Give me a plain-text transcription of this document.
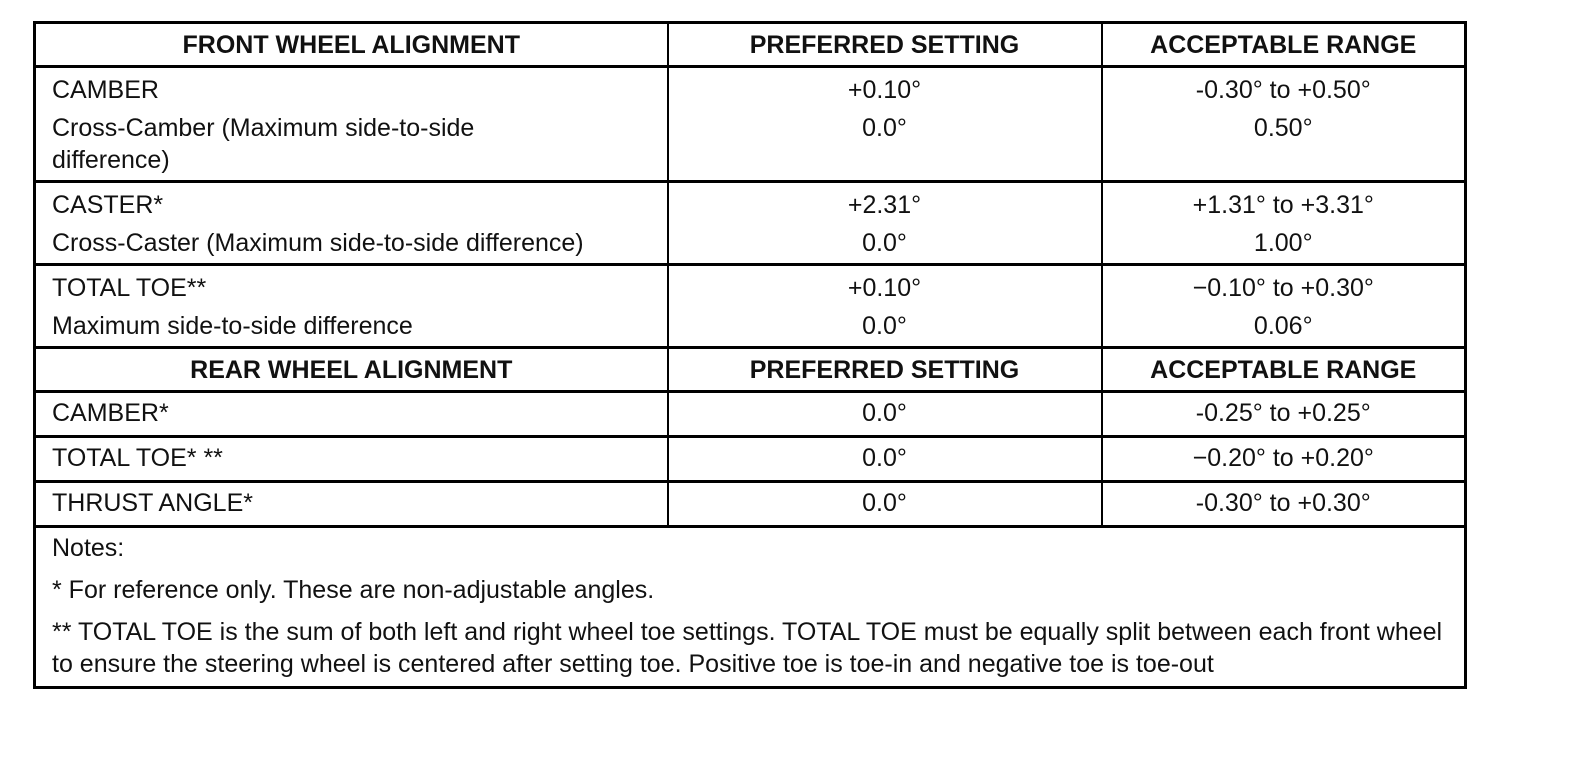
FRONT WHEEL ALIGNMENT	PREFERRED SETTING	ACCEPTABLE RANGE
CAMBER	+0.10°	-0.30° to +0.50°
Cross-Camber (Maximum side-to-side difference)	0.0°	0.50°
CASTER*	+2.31°	+1.31° to +3.31°
Cross-Caster (Maximum side-to-side difference)	0.0°	1.00°
TOTAL TOE**	+0.10°	−0.10° to +0.30°
Maximum side-to-side difference	0.0°	0.06°
REAR WHEEL ALIGNMENT	PREFERRED SETTING	ACCEPTABLE RANGE
CAMBER*	0.0°	-0.25° to +0.25°
TOTAL TOE* **	0.0°	−0.20° to +0.20°
THRUST ANGLE*	0.0°	-0.30° to +0.30°

Notes:
* For reference only. These are non-adjustable angles.
** TOTAL TOE is the sum of both left and right wheel toe settings. TOTAL TOE must be equally split between each front wheel to ensure the steering wheel is centered after setting toe. Positive toe is toe-in and negative toe is toe-out		
